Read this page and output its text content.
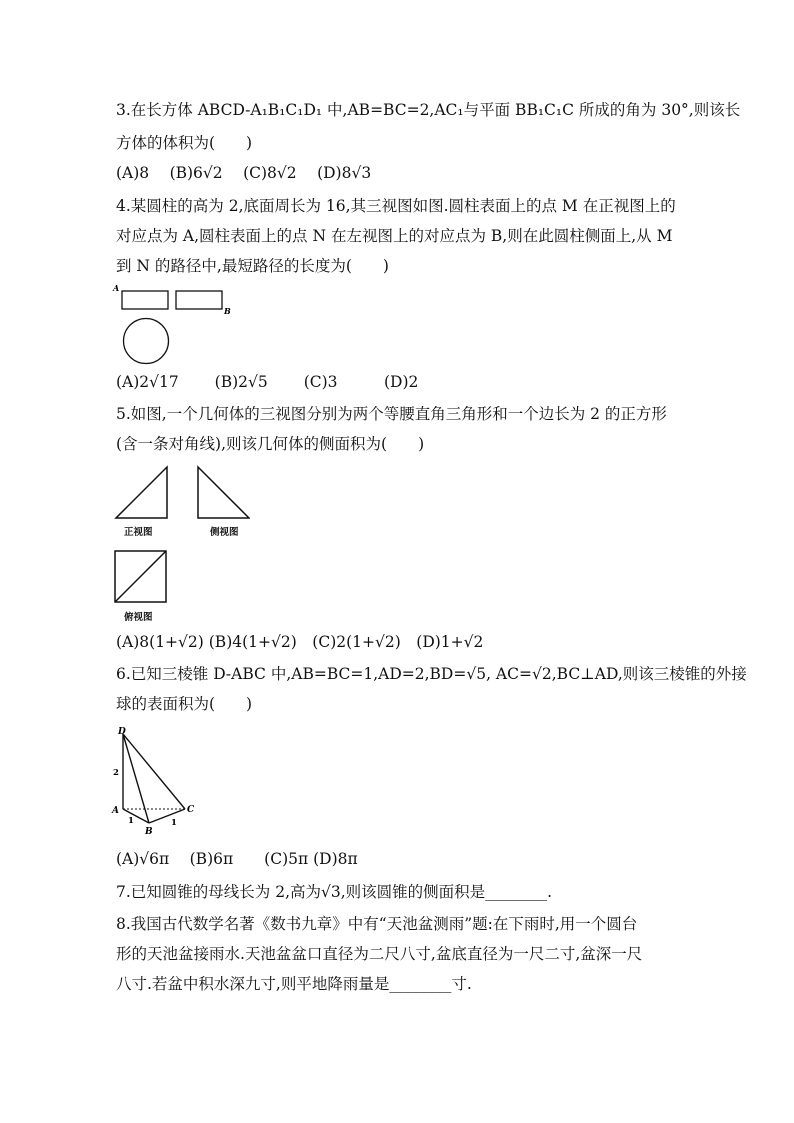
3.在长方体 ABCD-A₁B₁C₁D₁ 中,AB=BC=2,AC₁与平面 BB₁C₁C 所成的角为 30°,则该长
方体的体积为(　　)
(A)8　 (B)6√2　 (C)8√2　 (D)8√3
4.某圆柱的高为 2,底面周长为 16,其三视图如图.圆柱表面上的点 M 在正视图上的
对应点为 A,圆柱表面上的点 N 在左视图上的对应点为 B,则在此圆柱侧面上,从 M
到 N 的路径中,最短路径的长度为(　　)
A
B
(A)2√17　　 (B)2√5　　 (C)3　　　(D)2
5.如图,一个几何体的三视图分别为两个等腰直角三角形和一个边长为 2 的正方形
(含一条对角线),则该几何体的侧面积为(　　)
正视图	侧视图
俯视图
(A)8(1+√2) (B)4(1+√2)　(C)2(1+√2)　(D)1+√2
6.已知三棱锥 D-ABC 中,AB=BC=1,AD=2,BD=√5, AC=√2,BC⊥AD,则该三棱锥的外接
球的表面积为(　　)
D
A
B
C
2
1	1
(A)√6π　 (B)6π　　(C)5π (D)8π
7.已知圆锥的母线长为 2,高为√3,则该圆锥的侧面积是________.
8.我国古代数学名著《数书九章》中有“天池盆测雨”题:在下雨时,用一个圆台
形的天池盆接雨水.天池盆盆口直径为二尺八寸,盆底直径为一尺二寸,盆深一尺
八寸.若盆中积水深九寸,则平地降雨量是________寸.
